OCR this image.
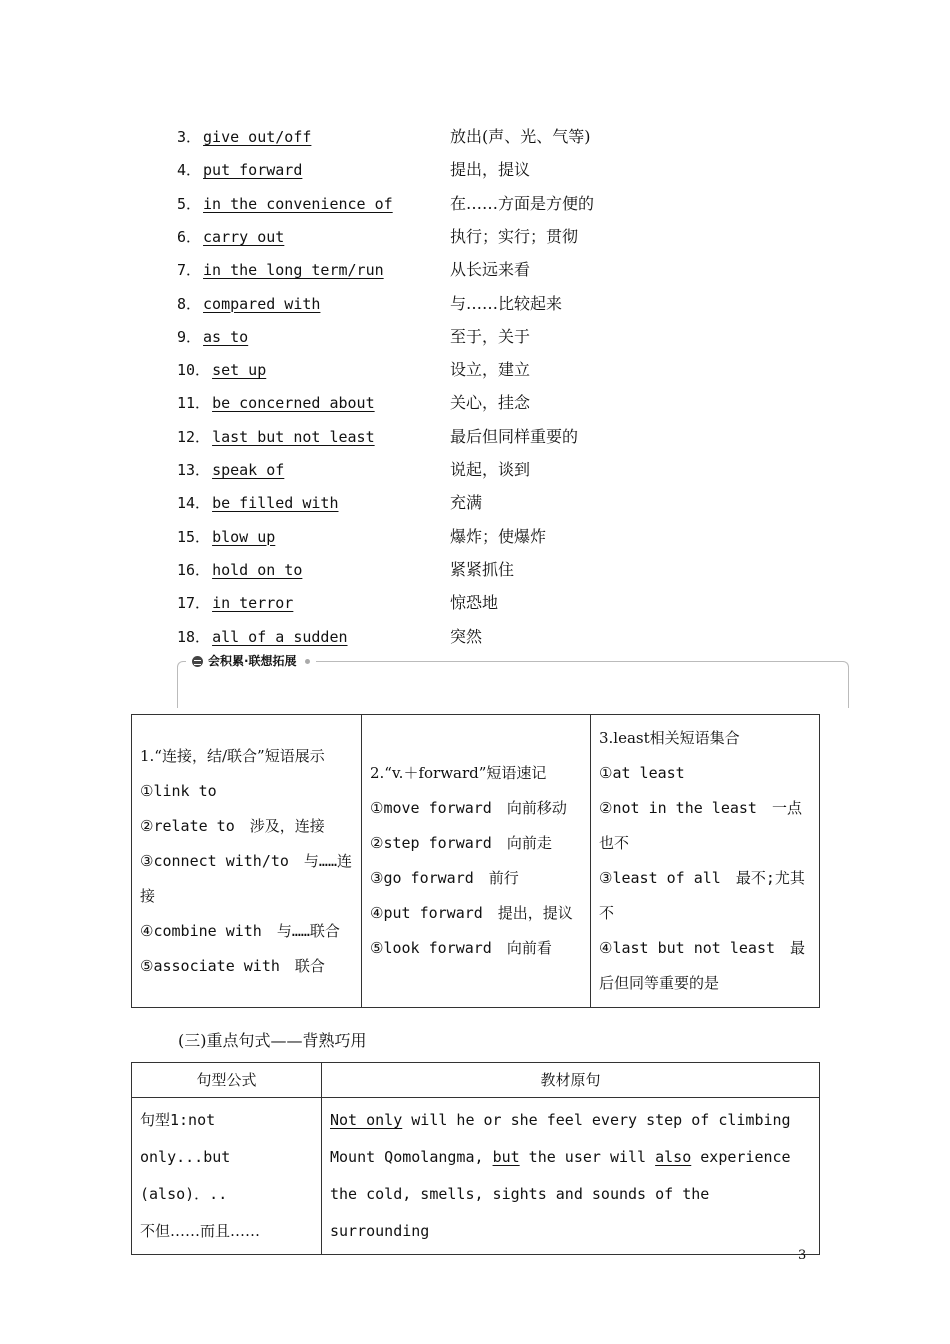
3． give out/off	放出(声、光、气等)
4． put forward	提出，提议
5． in the convenience of	在……方面是方便的
6． carry out	执行；实行；贯彻
7． in the long term/run	从长远来看
8． compared with	与……比较起来
9． as to	至于，关于
10． set up	设立，建立
11． be concerned about	关心，挂念
12． last but not least	最后但同样重要的
13． speak of	说起，谈到
14． be filled with	充满
15． blow up	爆炸；使爆炸
16． hold on to	紧紧抓住
17． in terror	惊恐地
18． all of a sudden	突然
会积累·联想拓展
1.“连接，结/联合”短语展示
①link to
②relate to　涉及，连接
③connect with/to　与……连接
④combine with　与……联合
⑤associate with　联合

2.“v.＋forward”短语速记
①move forward　向前移动
②step forward　向前走
③go forward　前行
④put forward　提出，提议
⑤look forward　向前看

3.least相关短语集合
①at least
②not in the least　一点也不
③least of all　最不;尤其不
④last but not least　最后但同等重要的是
(三)重点句式——背熟巧用
句型公式	教材原句

句型1:not only...but (also)．..
不但……而且……	Not only will he or she feel every step of climbing Mount Qomolangma, but the user will also experience the cold, smells, sights and sounds of the surrounding
3
